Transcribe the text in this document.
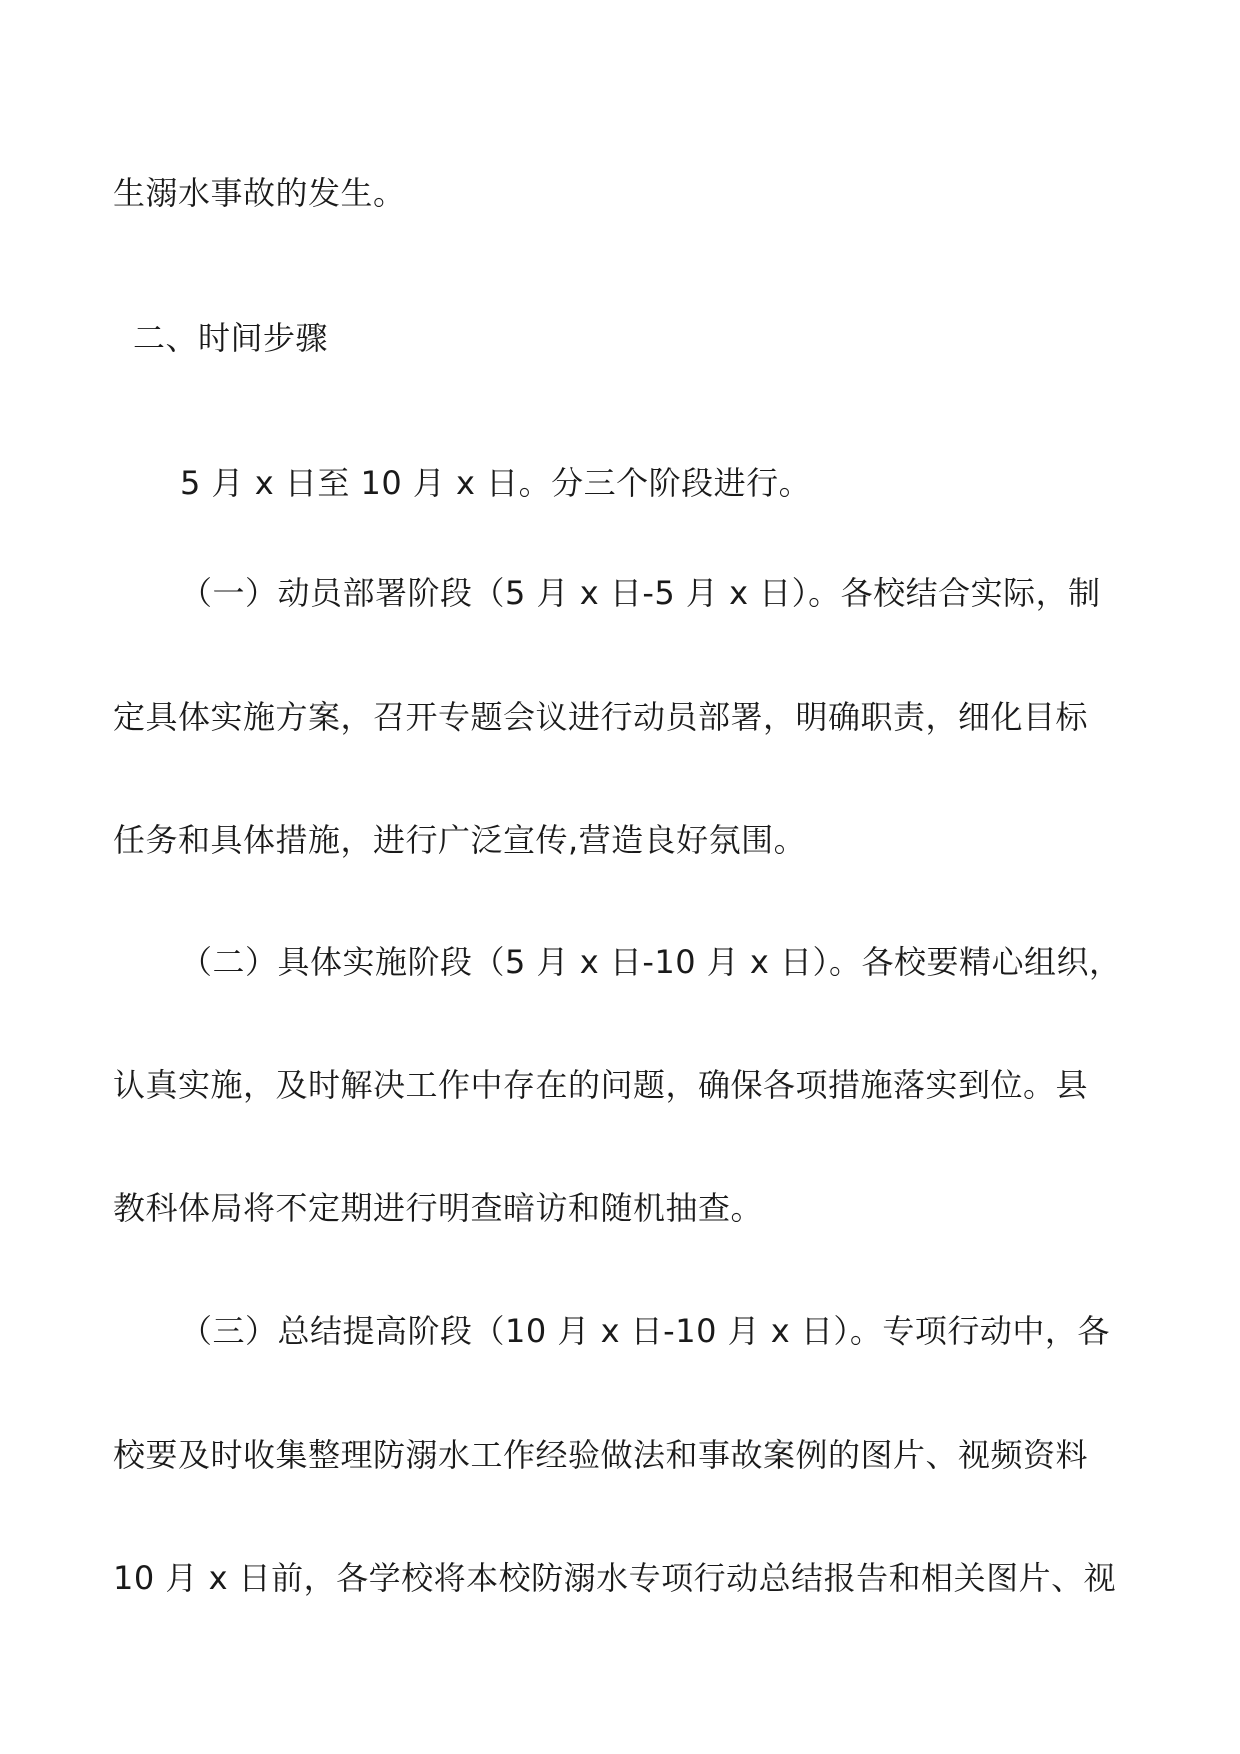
生溺水事故的发生。

二、时间步骤

5 月 x 日至 10 月 x 日。分三个阶段进行。

（一）动员部署阶段（5 月 x 日-5 月 x 日）。各校结合实际，制

定具体实施方案，召开专题会议进行动员部署，明确职责，细化目标

任务和具体措施，进行广泛宣传,营造良好氛围。

（二）具体实施阶段（5 月 x 日-10 月 x 日）。各校要精心组织，

认真实施，及时解决工作中存在的问题，确保各项措施落实到位。县

教科体局将不定期进行明查暗访和随机抽查。

（三）总结提高阶段（10 月 x 日-10 月 x 日）。专项行动中，各

校要及时收集整理防溺水工作经验做法和事故案例的图片、视频资料

10 月 x 日前，各学校将本校防溺水专项行动总结报告和相关图片、视
